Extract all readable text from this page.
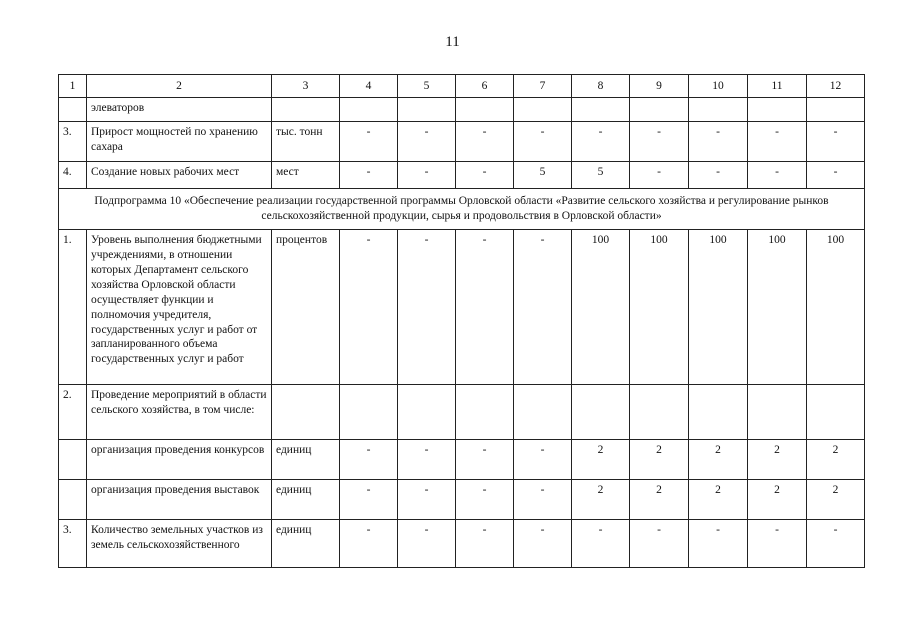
11
1	2	3	4	5	6	7	8	9	10	11	12
	элеваторов										
3.	Прирост мощностей по хранению сахара	тыс. тонн	-	-	-	-	-	-	-	-	-
4.	Создание новых рабочих мест	мест	-	-	-	5	5	-	-	-	-
Подпрограмма 10 «Обеспечение реализации государственной программы Орловской области «Развитие сельского хозяйства и регулирование рынков сельскохозяйственной продукции, сырья и продовольствия в Орловской области»											
1.	Уровень выполнения бюджетными учреждениями, в отношении которых Департамент сельского хозяйства Орловской области осуществляет функции и полномочия учредителя, государственных услуг и работ от запланированного объема государственных услуг и работ	процентов	-	-	-	-	100	100	100	100	100
2.	Проведение мероприятий в области сельского хозяйства, в том числе:										
	организация проведения конкурсов	единиц	-	-	-	-	2	2	2	2	2
	организация проведения выставок	единиц	-	-	-	-	2	2	2	2	2
3.	Количество земельных участков из земель сельскохозяйственного	единиц	-	-	-	-	-	-	-	-	-
